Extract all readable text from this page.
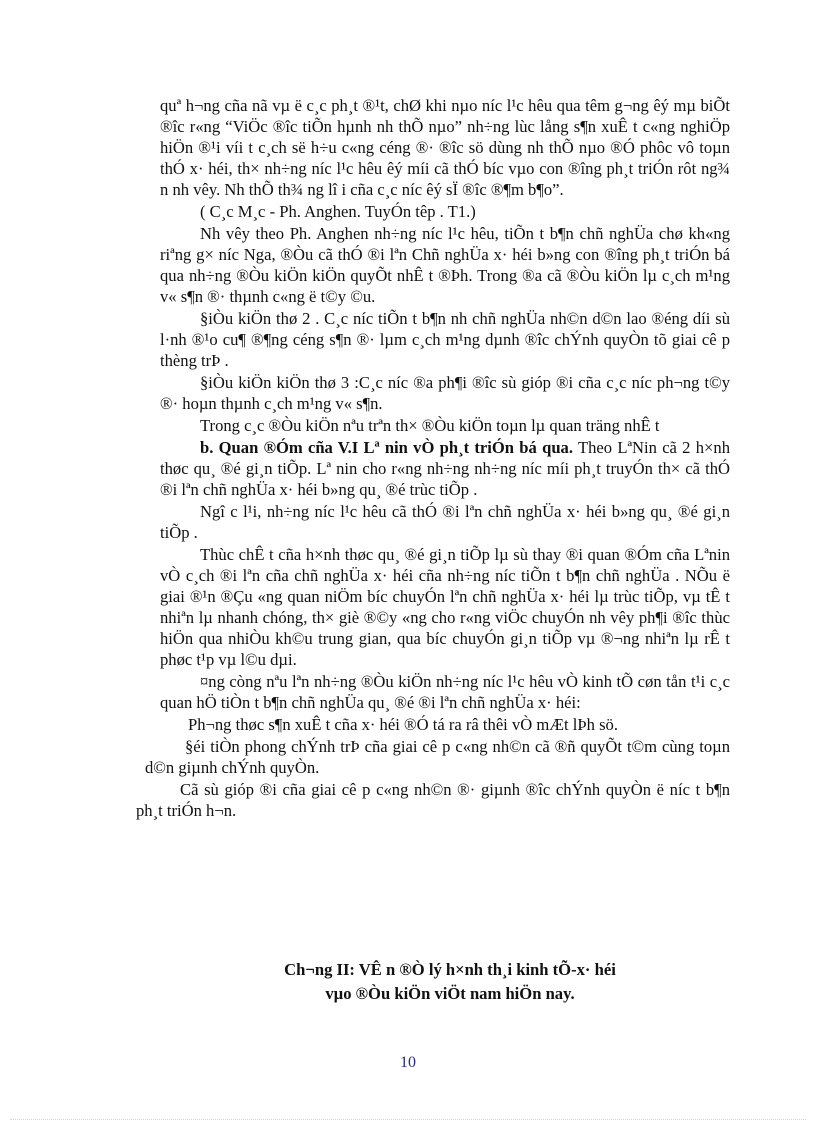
quª h¬ng cña nã vµ ë c¸c ph¸t ®¹t, chØ khi nµo níc l¹c hêu qua têm g¬ng êý mµ biÕt ®îc r«ng “ViÖc ®îc tiÕn hµnh nh thÕ nµo” nh÷ng lùc lång s¶n xuÊ t c«ng nghiÖp hiÖn ®¹i víi t c¸ch së h÷u c«ng céng ®· ®îc sö dùng nh thÕ nµo ®Ó phôc vô toµn thÓ x· héi, th× nh÷ng níc l¹c hêu êý míi cã thÓ bíc vµo con ®îng ph¸t triÓn rôt ng¾ n nh vêy. Nh thÕ th¾ ng lî i cña c¸c níc êý sÏ ®îc ®¶m b¶o”.

( C¸c M¸c - Ph. Anghen. TuyÓn têp . T1.)

Nh vêy theo Ph. Anghen nh÷ng níc l¹c hêu, tiÕn t b¶n chñ nghÜa chø kh«ng riªng g× níc Nga, ®Òu cã thÓ ®i lªn Chñ nghÜa x· héi b»ng con ®îng ph¸t triÓn bá qua nh÷ng ®Òu kiÖn kiÖn quyÕt nhÊ t ®Þh. Trong ®a cã ®Òu kiÖn lµ c¸ch m¹ng v« s¶n ®· thµnh c«ng ë t©y ©u.

§iÒu kiÖn thø 2 . C¸c níc tiÕn t b¶n nh chñ nghÜa nh©n d©n lao ®éng díi sù l·nh ®¹o cu¶ ®¶ng céng s¶n ®· lµm c¸ch m¹ng dµnh ®îc chÝnh quyÒn tõ giai cê p thèng trÞ .

§iÒu kiÖn kiÖn thø 3 :C¸c níc ®a ph¶i ®îc sù gióp ®i cña c¸c níc ph¬ng t©y ®· hoµn thµnh c¸ch m¹ng v« s¶n.

Trong c¸c ®Òu kiÖn nªu trªn th× ®Òu kiÖn toµn lµ quan träng nhÊ t

b. Quan ®Óm cña V.I Lª nin vÒ ph¸t triÓn bá qua. Theo LªNin cã 2 h×nh thøc qu¸ ®é gi¸n tiÕp. Lª nin cho r«ng nh÷ng nh÷ng níc míi ph¸t truyÓn th× cã thÓ ®i lªn chñ nghÜa x· héi b»ng qu¸ ®é trùc tiÕp .

Ngî c l¹i, nh÷ng níc l¹c hêu cã thÓ ®i lªn chñ nghÜa x· héi b»ng qu¸ ®é gi¸n tiÕp .

Thùc chÊ t cña h×nh thøc qu¸ ®é gi¸n tiÕp lµ sù thay ®i quan ®Óm cña Lªnin vÒ c¸ch ®i lªn cña chñ nghÜa x· héi cña nh÷ng níc tiÕn t b¶n chñ nghÜa . NÕu ë giai ®¹n ®Çu «ng quan niÖm bíc chuyÓn lªn chñ nghÜa x· héi lµ trùc tiÕp, vµ tÊ t nhiªn lµ nhanh chóng, th× giè ®©y «ng cho r«ng viÖc chuyÓn nh vêy ph¶i ®îc thùc hiÖn qua nhiÒu kh©u trung gian, qua bíc chuyÓn gi¸n tiÕp vµ ®¬ng nhiªn lµ rÊ t phøc t¹p vµ l©u dµi.

¤ng còng nªu lªn nh÷ng ®Òu kiÖn nh÷ng níc l¹c hêu vÒ kinh tÕ cøn tån t¹i c¸c quan hÖ tiÒn t b¶n chñ nghÜa qu¸ ®é ®i lªn chñ nghÜa x· héi:

Ph¬ng thøc s¶n xuÊ t cña x· héi ®Ó tá ra râ thêi vÒ mÆt lÞh sö.

§éi tiÒn phong chÝnh trÞ cña giai cê p c«ng nh©n cã ®ñ quyÕt t©m cùng toµn d©n giµnh chÝnh quyÒn.

Cã sù gióp ®i cña giai cê p c«ng nh©n ®· giµnh ®îc chÝnh quyÒn ë níc t b¶n ph¸t triÓn h¬n.

Ch¬ng II: VÊ n ®Ò lý h×nh th¸i kinh tÕ-x· héi
vµo ®Òu kiÖn viÖt nam hiÖn nay.
10
